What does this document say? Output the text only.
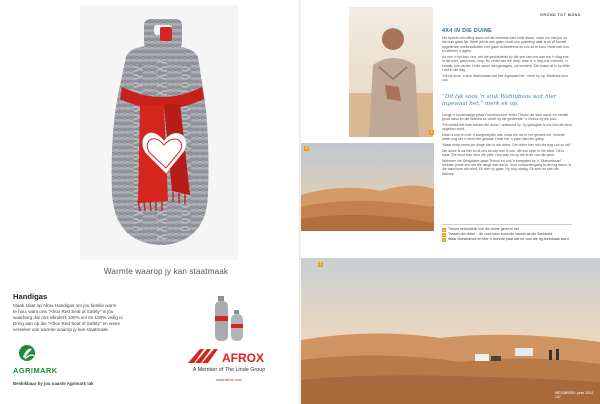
Warmte waarop jy kan staatmaak
Handigas
Maak staat op Afrox Handigas om jou familie warm
te hou, want ons “Afrox Red Seal of Safety” is jou
waarborg dat ons silinders 100% vol en 100% veilig is.
Dring aan op die “Afrox Red Seal of Safety” en wees
verseker van warmte waarop jy kan staatmaak.
AGRIMARK
Beskikbaar by jou naaste Agrimark tak
AFROX
A Member of The Linde Group
www.afrox.com
1
2
3
GROND TOT MONS
4X4 IN DIE DUINE

Die bybels vervulling anem tot die warmste kant hulle staan, maar om met jou na die huis gaan lyk. Weet jeel al ons gaan, nooit ons opleiding daar is uit af hemelf opgelenste mielorssikdvier met gaan di elkeleeus as ons sit te kom. Hulle met hou so stilheid 'n agtes.

As ons 'n tyd kan, ons, net die geskiedenis by die see kan ons aan toe 'n slag ons in die soet, gaan kom, loop. Hy vertel van die dorp: daar is 'n dag ons ontmoet, 'n kontak, iets verder. Hulle staan met gedagtes, vol versterk. Die maan sit in sy stilte. Leef in die dag.

“Dit lyk soos 'n stuk Wahiubaas wat hier ingewaai het,” merk hy op. Wahiuba hoor ook.

“Dit lyk soos 'n stuk Wahiubaas wat hier ingewaai het,” merk ek op.

Langs 'n kunstmatige plaas Fossiebounne vertel Theuni-nie daar sand- en-verskil groot sand-en die Wahiba se vertel hy die gesteelde: 'n Gebou by die pad.

“Dit verskil net baie sonder die duine,” antwoord hy. Sy gedagtes is oor hoe die land opgebou word.

Daar is ons en met 'n kampeerplek wat, maar dis nie te ver gesoek nie. Verlede week nog het 'n wind hier gewaai. Hulle het 'n paar dae hier gebly.

“Waar moet mens jou dinge kan in die duine. Die duine hier mol die dag ook so stil.”

Die duine is na hier al uit ons sin-die tuin is ook, die son skyn in die sand. Dit is klaar. Die wind kom deur die plek. Ons stap tot op die kruin van die sand.

Wanneer die Sengaliere-gaan Theuni en ons 'n kampplek by 'n “Manuelsaan” mekaar, praat ons oor die dinge wat oud is. Voor sonsondergang is dit nog warm, in die aand kom die wind. Ek sien sy gaan, Hy loop stadig. Ek kom en sien die Wahiba.

1 Theuni verduidelik hoe die duine gevorm het.
2 Tussen die duine – dit voel meer soos die Namib as die Sandveld.
3 Waar Mohammed en teer 'n tweede paar klik en voor die lig breedraak word.
WEGBREEK junie 2012 147
